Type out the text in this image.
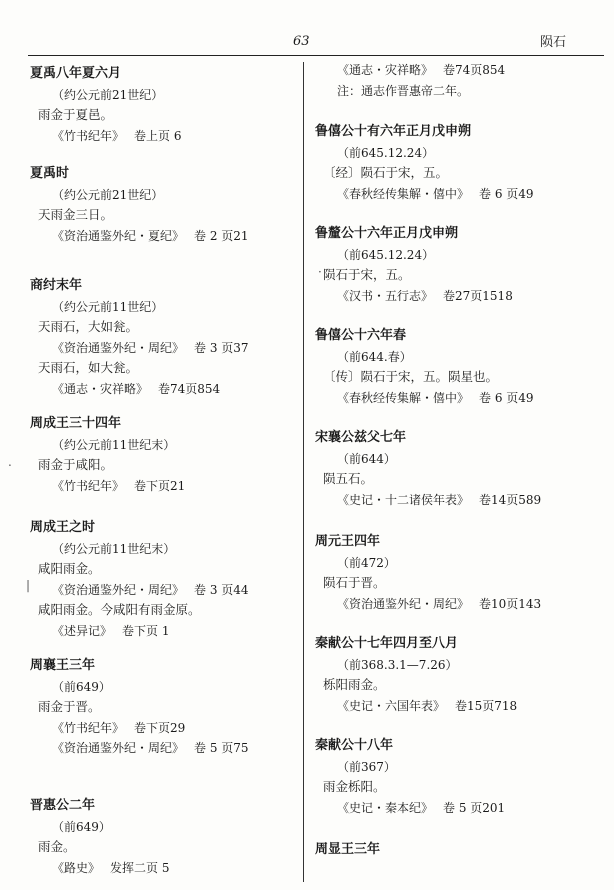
63	陨石
夏禹八年夏六月
（约公元前21世纪）
雨金于夏邑。
《竹书纪年》 卷上页 6
夏禹时
（约公元前21世纪）
天雨金三日。
《资治通鉴外纪・夏纪》 卷 2 页21
商纣末年
（约公元前11世纪）
天雨石，大如瓮。
《资治通鉴外纪・周纪》 卷 3 页37
天雨石，如大瓮。
《通志・灾祥略》 卷74页854
周成王三十四年
（约公元前11世纪末）
雨金于咸阳。
《竹书纪年》 卷下页21
周成王之时
（约公元前11世纪末）
咸阳雨金。
《资治通鉴外纪・周纪》 卷 3 页44
咸阳雨金。今咸阳有雨金原。
《述异记》 卷下页 1
周襄王三年
（前649）
雨金于晋。
《竹书纪年》 卷下页29
《资治通鉴外纪・周纪》 卷 5 页75
晋惠公二年
（前649）
雨金。
《路史》 发挥二页 5
《通志・灾祥略》 卷74页854
注：通志作晋惠帝二年。
鲁僖公十有六年正月戊申朔
（前645.12.24）
〔经〕陨石于宋，五。
《春秋经传集解・僖中》 卷 6 页49
鲁釐公十六年正月戊申朔
（前645.12.24）
陨石于宋，五。
《汉书・五行志》 卷27页1518
鲁僖公十六年春
（前644.春）
〔传〕陨石于宋，五。陨星也。
《春秋经传集解・僖中》 卷 6 页49
宋襄公兹父七年
（前644）
陨五石。
《史记・十二诸侯年表》 卷14页589
周元王四年
（前472）
陨石于晋。
《资治通鉴外纪・周纪》 卷10页143
秦献公十七年四月至八月
（前368.3.1—7.26）
栎阳雨金。
《史记・六国年表》 卷15页718
秦献公十八年
（前367）
雨金栎阳。
《史记・秦本纪》 卷 5 页201
周显王三年
.
|
·
